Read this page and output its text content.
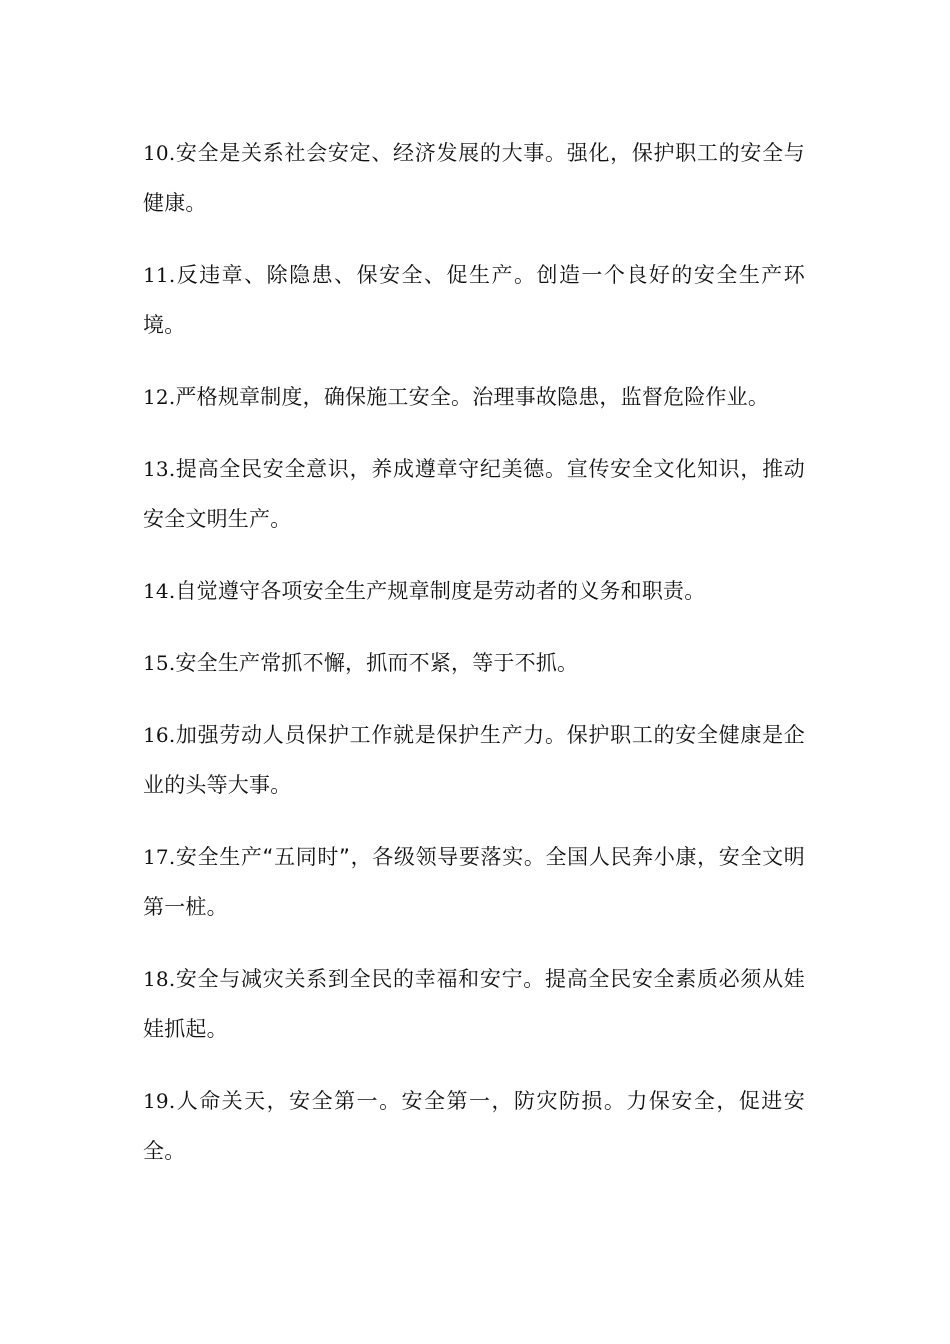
10.安全是关系社会安定、经济发展的大事。强化，保护职工的安全与健康。

11.反违章、除隐患、保安全、促生产。创造一个良好的安全生产环境。

12.严格规章制度，确保施工安全。治理事故隐患，监督危险作业。

13.提高全民安全意识，养成遵章守纪美德。宣传安全文化知识，推动安全文明生产。

14.自觉遵守各项安全生产规章制度是劳动者的义务和职责。

15.安全生产常抓不懈，抓而不紧，等于不抓。

16.加强劳动人员保护工作就是保护生产力。保护职工的安全健康是企业的头等大事。

17.安全生产“五同时”，各级领导要落实。全国人民奔小康，安全文明第一桩。

18.安全与减灾关系到全民的幸福和安宁。提高全民安全素质必须从娃娃抓起。

19.人命关天，安全第一。安全第一，防灾防损。力保安全，促进安全。
